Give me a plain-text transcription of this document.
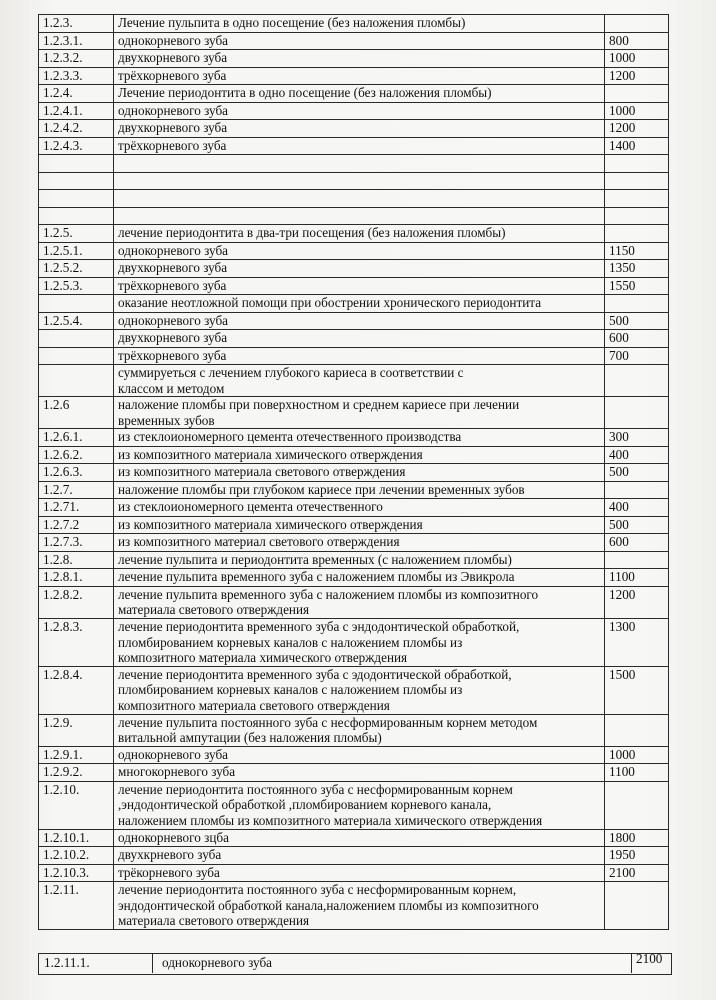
1.2.3.	Лечение пульпита в одно посещение (без наложения пломбы)	
1.2.3.1.	однокорневого зуба	800
1.2.3.2.	двухкорневого зуба	1000
1.2.3.3.	трёхкорневого зуба	1200
1.2.4.	Лечение периодонтита в одно посещение (без наложения пломбы)	
1.2.4.1.	однокорневого зуба	1000
1.2.4.2.	двухкорневого зуба	1200
1.2.4.3.	трёхкорневого зуба	1400

1.2.5.	лечение периодонтита в два-три посещения (без наложения пломбы)	
1.2.5.1.	однокорневого зуба	1150
1.2.5.2.	двухкорневого зуба	1350
1.2.5.3.	трёхкорневого зуба	1550
	оказание неотложной помощи при обострении хронического периодонтита	
1.2.5.4.	однокорневого зуба	500
	двухкорневого зуба	600
	трёхкорневого зуба	700
	суммируеться с лечением глубокого кариеса в соответствии с
классом и методом	
1.2.6	наложение пломбы при поверхностном и среднем кариесе при лечении
временных зубов	
1.2.6.1.	из стеклоиономерного цемента отечественного производства	300
1.2.6.2.	из композитного материала химического отверждения	400
1.2.6.3.	из композитного материала светового отверждения	500
1.2.7.	наложение пломбы при глубоком кариесе при лечении временных зубов	
1.2.71.	из стеклоиономерного цемента отечественного	400
1.2.7.2	из композитного материала химического отверждения	500
1.2.7.3.	из композитного материал светового отверждения	600
1.2.8.	лечение пульпита и периодонтита временных (с наложением пломбы)	
1.2.8.1.	лечение пульпита временного зуба с наложением пломбы из Эвикрола	1100
1.2.8.2.	лечение пульпита временного зуба с наложением пломбы из композитного
материала светового отверждения	1200
1.2.8.3.	лечение периодонтита временного зуба с эндодонтической обработкой,
пломбированием корневых каналов с наложением пломбы из
композитного материала химического отверждения	1300
1.2.8.4.	лечение периодонтита временного зуба с эдодонтической обработкой,
пломбированием корневых каналов с наложением пломбы из
композитного материала светового отверждения	1500
1.2.9.	лечение пульпита постоянного зуба с несформированным корнем методом
витальной ампутации (без наложения пломбы)	
1.2.9.1.	однокорневого зуба	1000
1.2.9.2.	многокорневого зуба	1100
1.2.10.	лечение периодонтита постоянного зуба с несформированным корнем
,эндодонтической обработкой ,пломбированием корневого канала,
наложением пломбы из композитного материала химического отверждения	
1.2.10.1.	однокорневого зцба	1800
1.2.10.2.	двухкрневого зуба	1950
1.2.10.3.	трёкорневого зуба	2100
1.2.11.	лечение периодонтита постоянного зуба с несформированным корнем,
эндодонтической обработкой канала,наложением пломбы из композитного
материала светового отверждения	
1.2.11.1.	однокорневого зуба	2100
